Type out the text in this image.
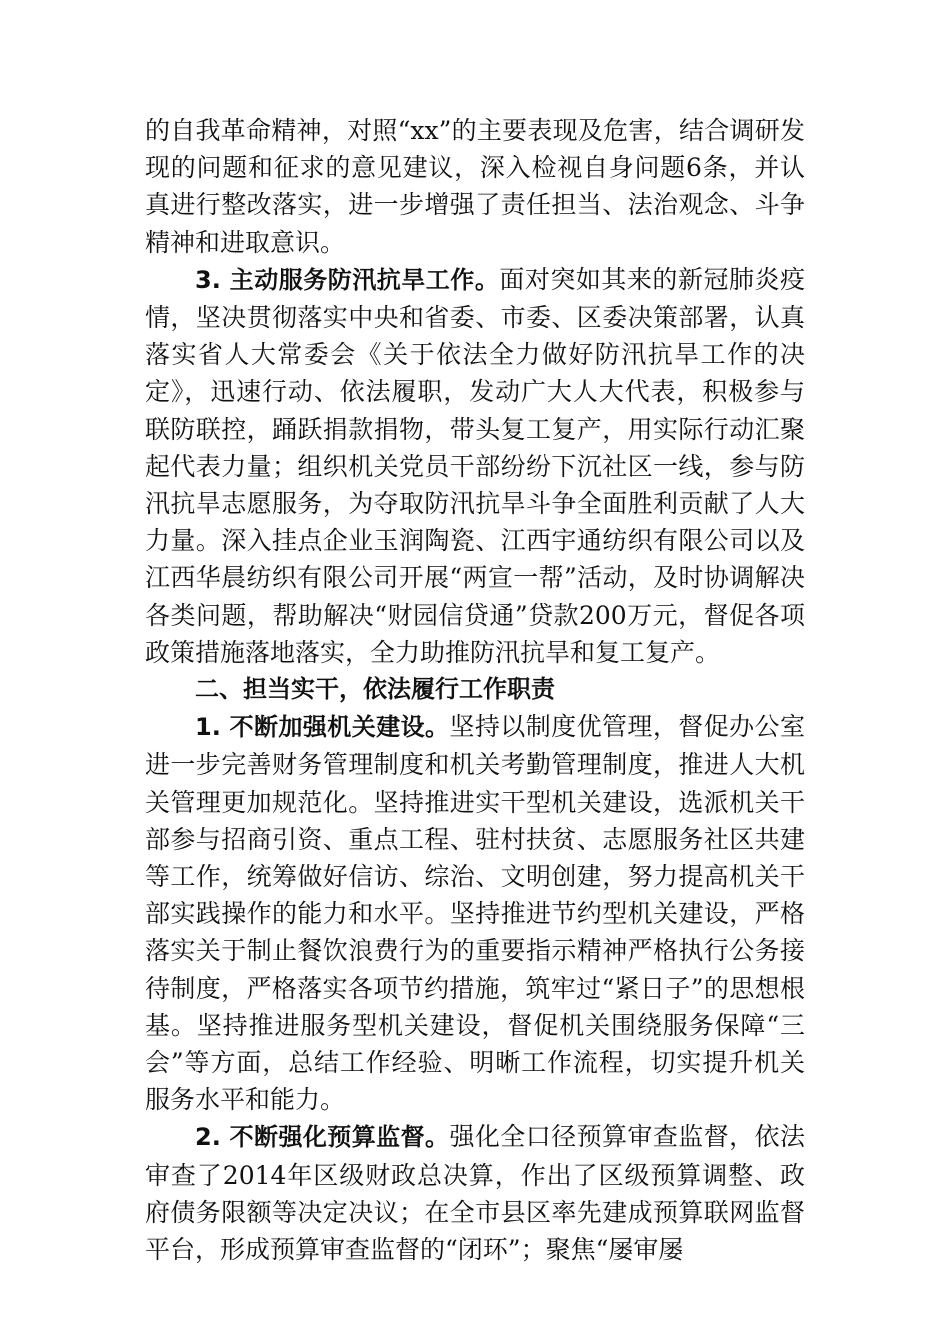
的自我革命精神，对照“xx”的主要表现及危害，结合调研发现的问题和征求的意见建议，深入检视自身问题6条，并认真进行整改落实，进一步增强了责任担当、法治观念、斗争精神和进取意识。

3. 主动服务防汛抗旱工作。面对突如其来的新冠肺炎疫情，坚决贯彻落实中央和省委、市委、区委决策部署，认真落实省人大常委会《关于依法全力做好防汛抗旱工作的决定》，迅速行动、依法履职，发动广大人大代表，积极参与联防联控，踊跃捐款捐物，带头复工复产，用实际行动汇聚起代表力量；组织机关党员干部纷纷下沉社区一线，参与防汛抗旱志愿服务，为夺取防汛抗旱斗争全面胜利贡献了人大力量。深入挂点企业玉润陶瓷、江西宇通纺织有限公司以及江西华晨纺织有限公司开展“两宣一帮”活动，及时协调解决各类问题，帮助解决“财园信贷通”贷款200万元，督促各项政策措施落地落实，全力助推防汛抗旱和复工复产。

二、担当实干，依法履行工作职责

1. 不断加强机关建设。坚持以制度优管理，督促办公室进一步完善财务管理制度和机关考勤管理制度，推进人大机关管理更加规范化。坚持推进实干型机关建设，选派机关干部参与招商引资、重点工程、驻村扶贫、志愿服务社区共建等工作，统筹做好信访、综治、文明创建，努力提高机关干部实践操作的能力和水平。坚持推进节约型机关建设，严格落实关于制止餐饮浪费行为的重要指示精神严格执行公务接待制度，严格落实各项节约措施，筑牢过“紧日子”的思想根基。坚持推进服务型机关建设，督促机关围绕服务保障“三会”等方面，总结工作经验、明晰工作流程，切实提升机关服务水平和能力。

2. 不断强化预算监督。强化全口径预算审查监督，依法审查了2014年区级财政总决算，作出了区级预算调整、政府债务限额等决定决议；在全市县区率先建成预算联网监督平台，形成预算审查监督的“闭环”；聚焦“屡审屡
